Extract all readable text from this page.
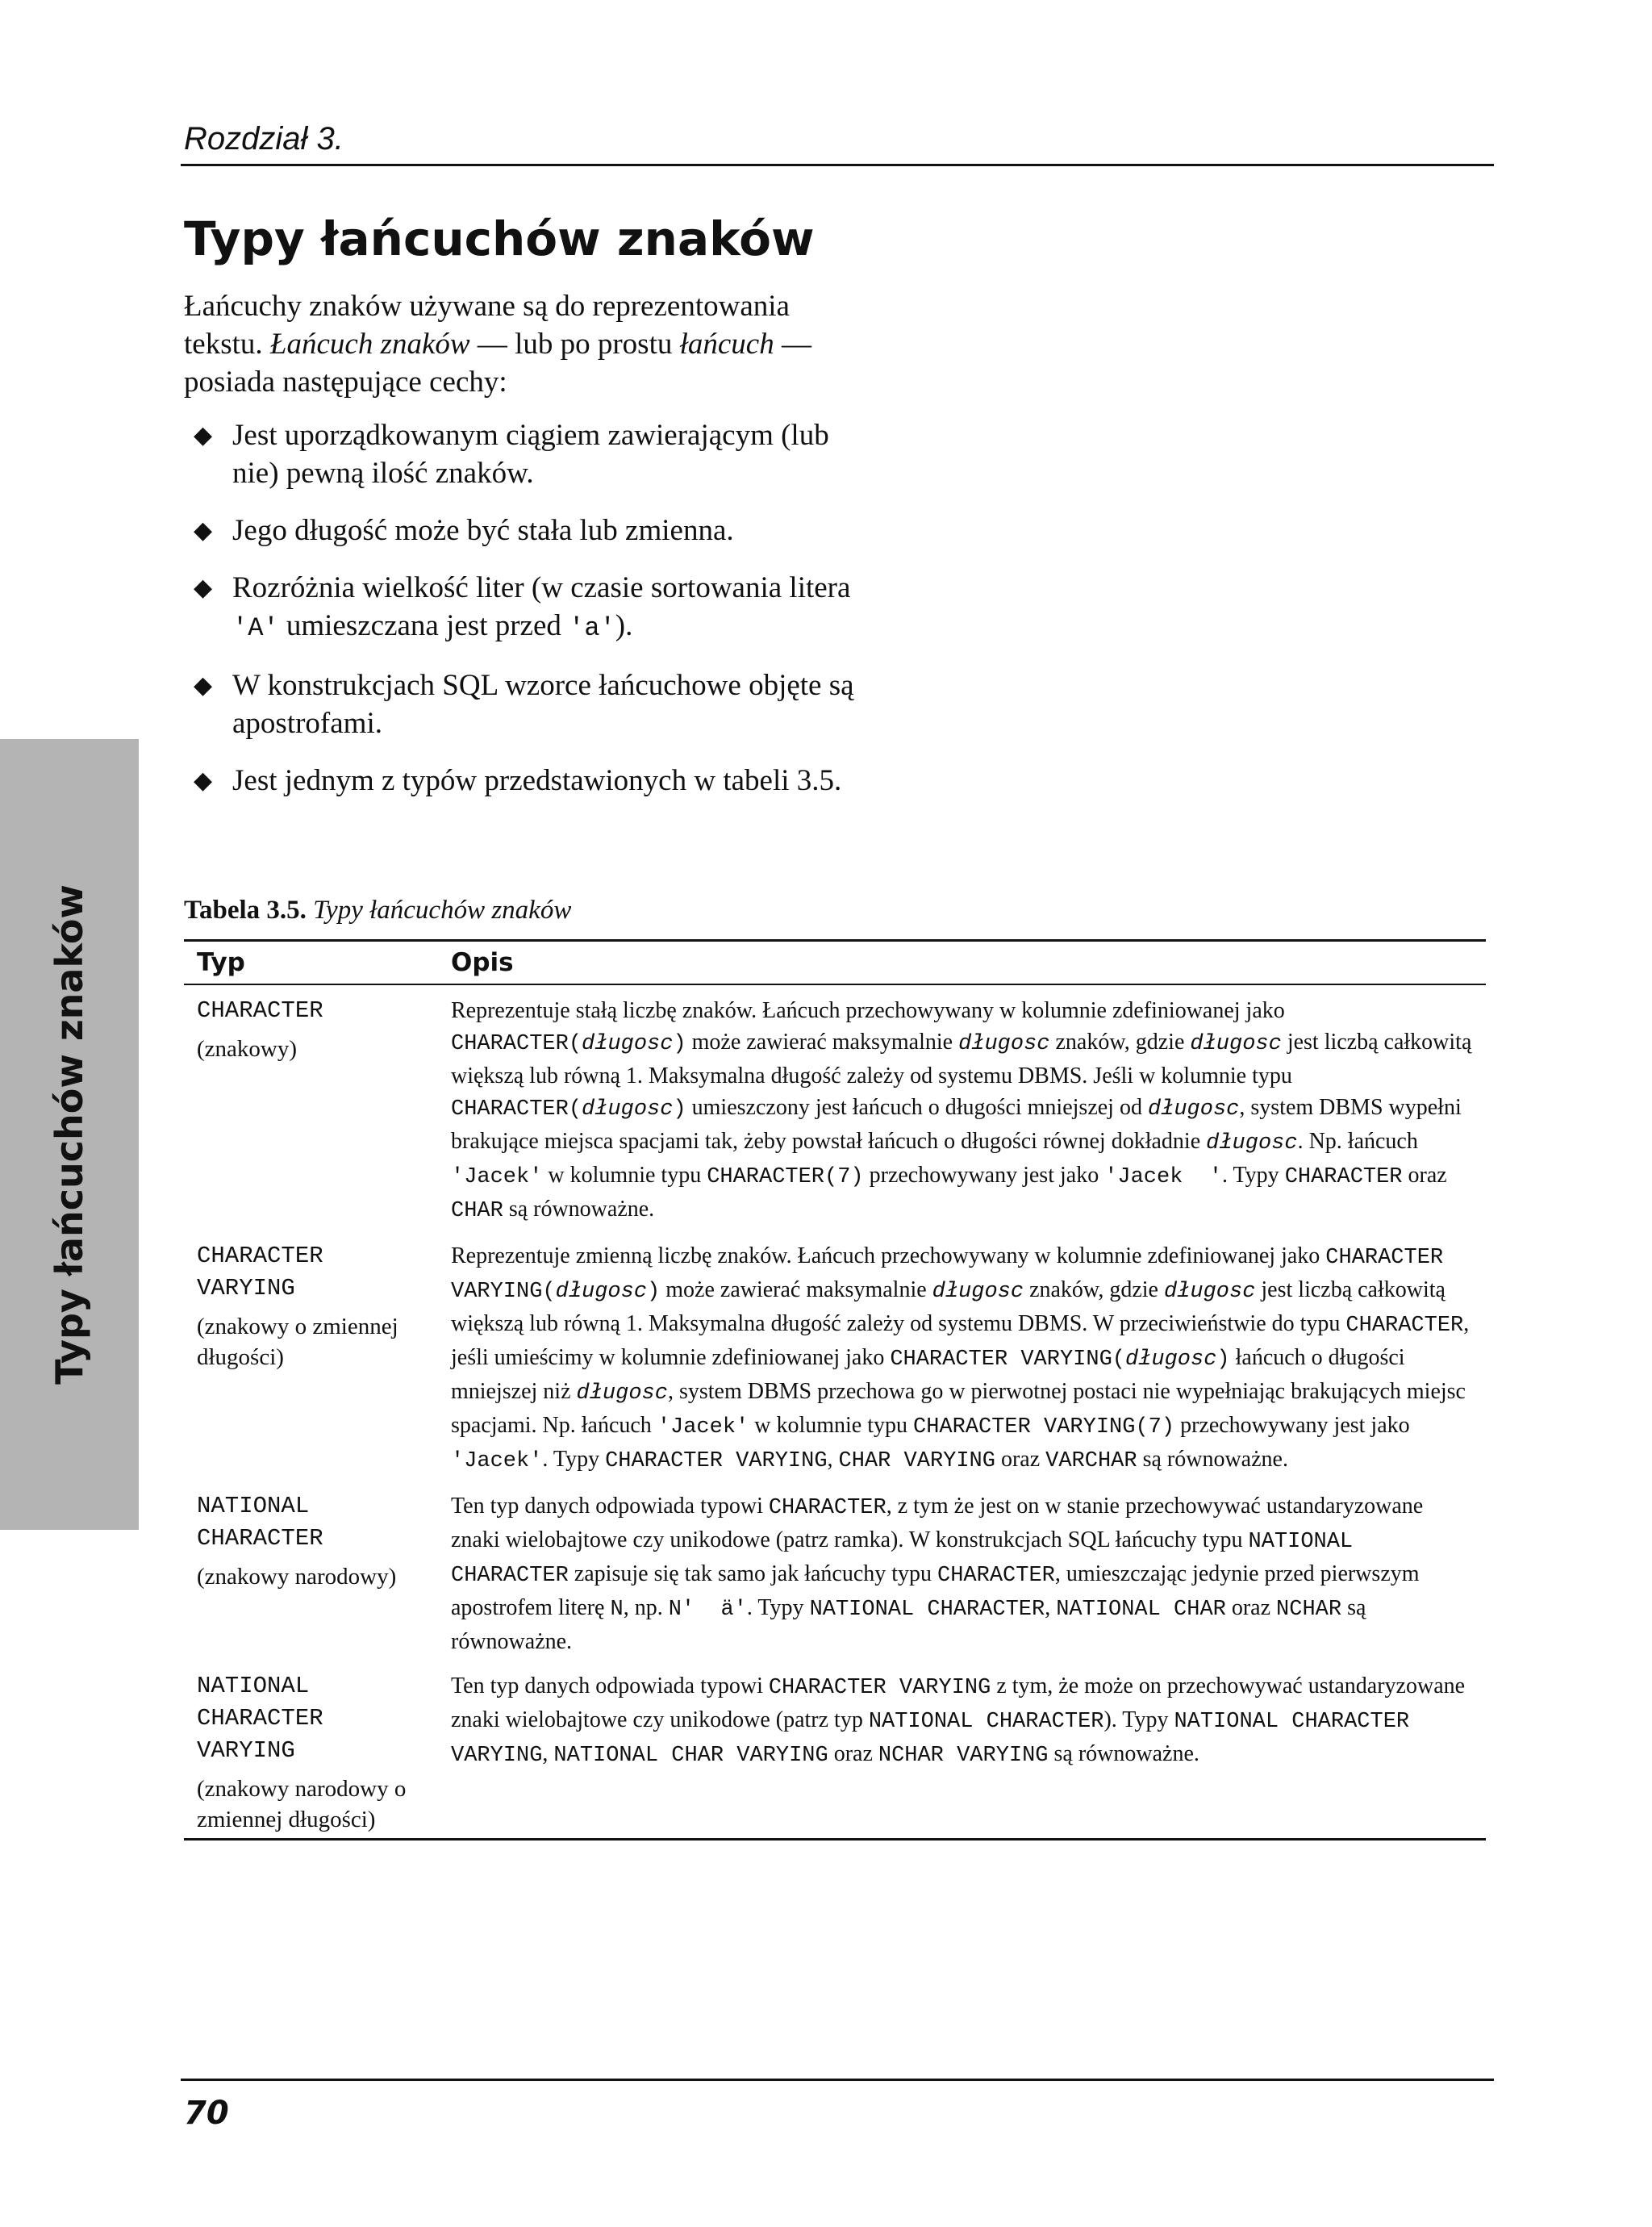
Rozdział 3.
Typy łańcuchów znaków
Typy łańcuchów znaków
Łańcuchy znaków używane są do reprezentowania tekstu. Łańcuch znaków — lub po prostu łańcuch — posiada następujące cechy:
◆ Jest uporządkowanym ciągiem zawierającym (lub nie) pewną ilość znaków.
◆ Jego długość może być stała lub zmienna.
◆ Rozróżnia wielkość liter (w czasie sortowania litera 'A' umieszczana jest przed 'a').
◆ W konstrukcjach SQL wzorce łańcuchowe objęte są apostrofami.
◆ Jest jednym z typów przedstawionych w tabeli 3.5.
Tabela 3.5. Typy łańcuchów znaków
Typ	Opis

CHARACTER
(znakowy)	Reprezentuje stałą liczbę znaków. Łańcuch przechowywany w kolumnie zdefiniowanej jako CHARACTER(długosc) może zawierać maksymalnie długosc znaków, gdzie długosc jest liczbą całkowitą większą lub równą 1. Maksymalna długość zależy od systemu DBMS. Jeśli w kolumnie typu CHARACTER(długosc) umieszczony jest łańcuch o długości mniejszej od długosc, system DBMS wypełni brakujące miejsca spacjami tak, żeby powstał łańcuch o długości równej dokładnie długosc. Np. łańcuch 'Jacek' w kolumnie typu CHARACTER(7) przechowywany jest jako 'Jacek  '. Typy CHARACTER oraz CHAR są równoważne.

CHARACTER VARYING
(znakowy o zmiennej długości)	Reprezentuje zmienną liczbę znaków. Łańcuch przechowywany w kolumnie zdefiniowanej jako CHARACTER VARYING(długosc) może zawierać maksymalnie długosc znaków, gdzie długosc jest liczbą całkowitą większą lub równą 1. Maksymalna długość zależy od systemu DBMS. W przeciwieństwie do typu CHARACTER, jeśli umieścimy w kolumnie zdefiniowanej jako CHARACTER VARYING(długosc) łańcuch o długości mniejszej niż długosc, system DBMS przechowa go w pierwotnej postaci nie wypełniając brakujących miejsc spacjami. Np. łańcuch 'Jacek' w kolumnie typu CHARACTER VARYING(7) przechowywany jest jako 'Jacek'. Typy CHARACTER VARYING, CHAR VARYING oraz VARCHAR są równoważne.

NATIONAL CHARACTER
(znakowy narodowy)	Ten typ danych odpowiada typowi CHARACTER, z tym że jest on w stanie przechowywać ustandaryzowane znaki wielobajtowe czy unikodowe (patrz ramka). W konstrukcjach SQL łańcuchy typu NATIONAL CHARACTER zapisuje się tak samo jak łańcuchy typu CHARACTER, umieszczając jedynie przed pierwszym apostrofem literę N, np. N'  ä'. Typy NATIONAL CHARACTER, NATIONAL CHAR oraz NCHAR są równoważne.

NATIONAL CHARACTER VARYING
(znakowy narodowy o zmiennej długości)	Ten typ danych odpowiada typowi CHARACTER VARYING z tym, że może on przechowywać ustandaryzowane znaki wielobajtowe czy unikodowe (patrz typ NATIONAL CHARACTER). Typy NATIONAL CHARACTER VARYING, NATIONAL CHAR VARYING oraz NCHAR VARYING są równoważne.
70
